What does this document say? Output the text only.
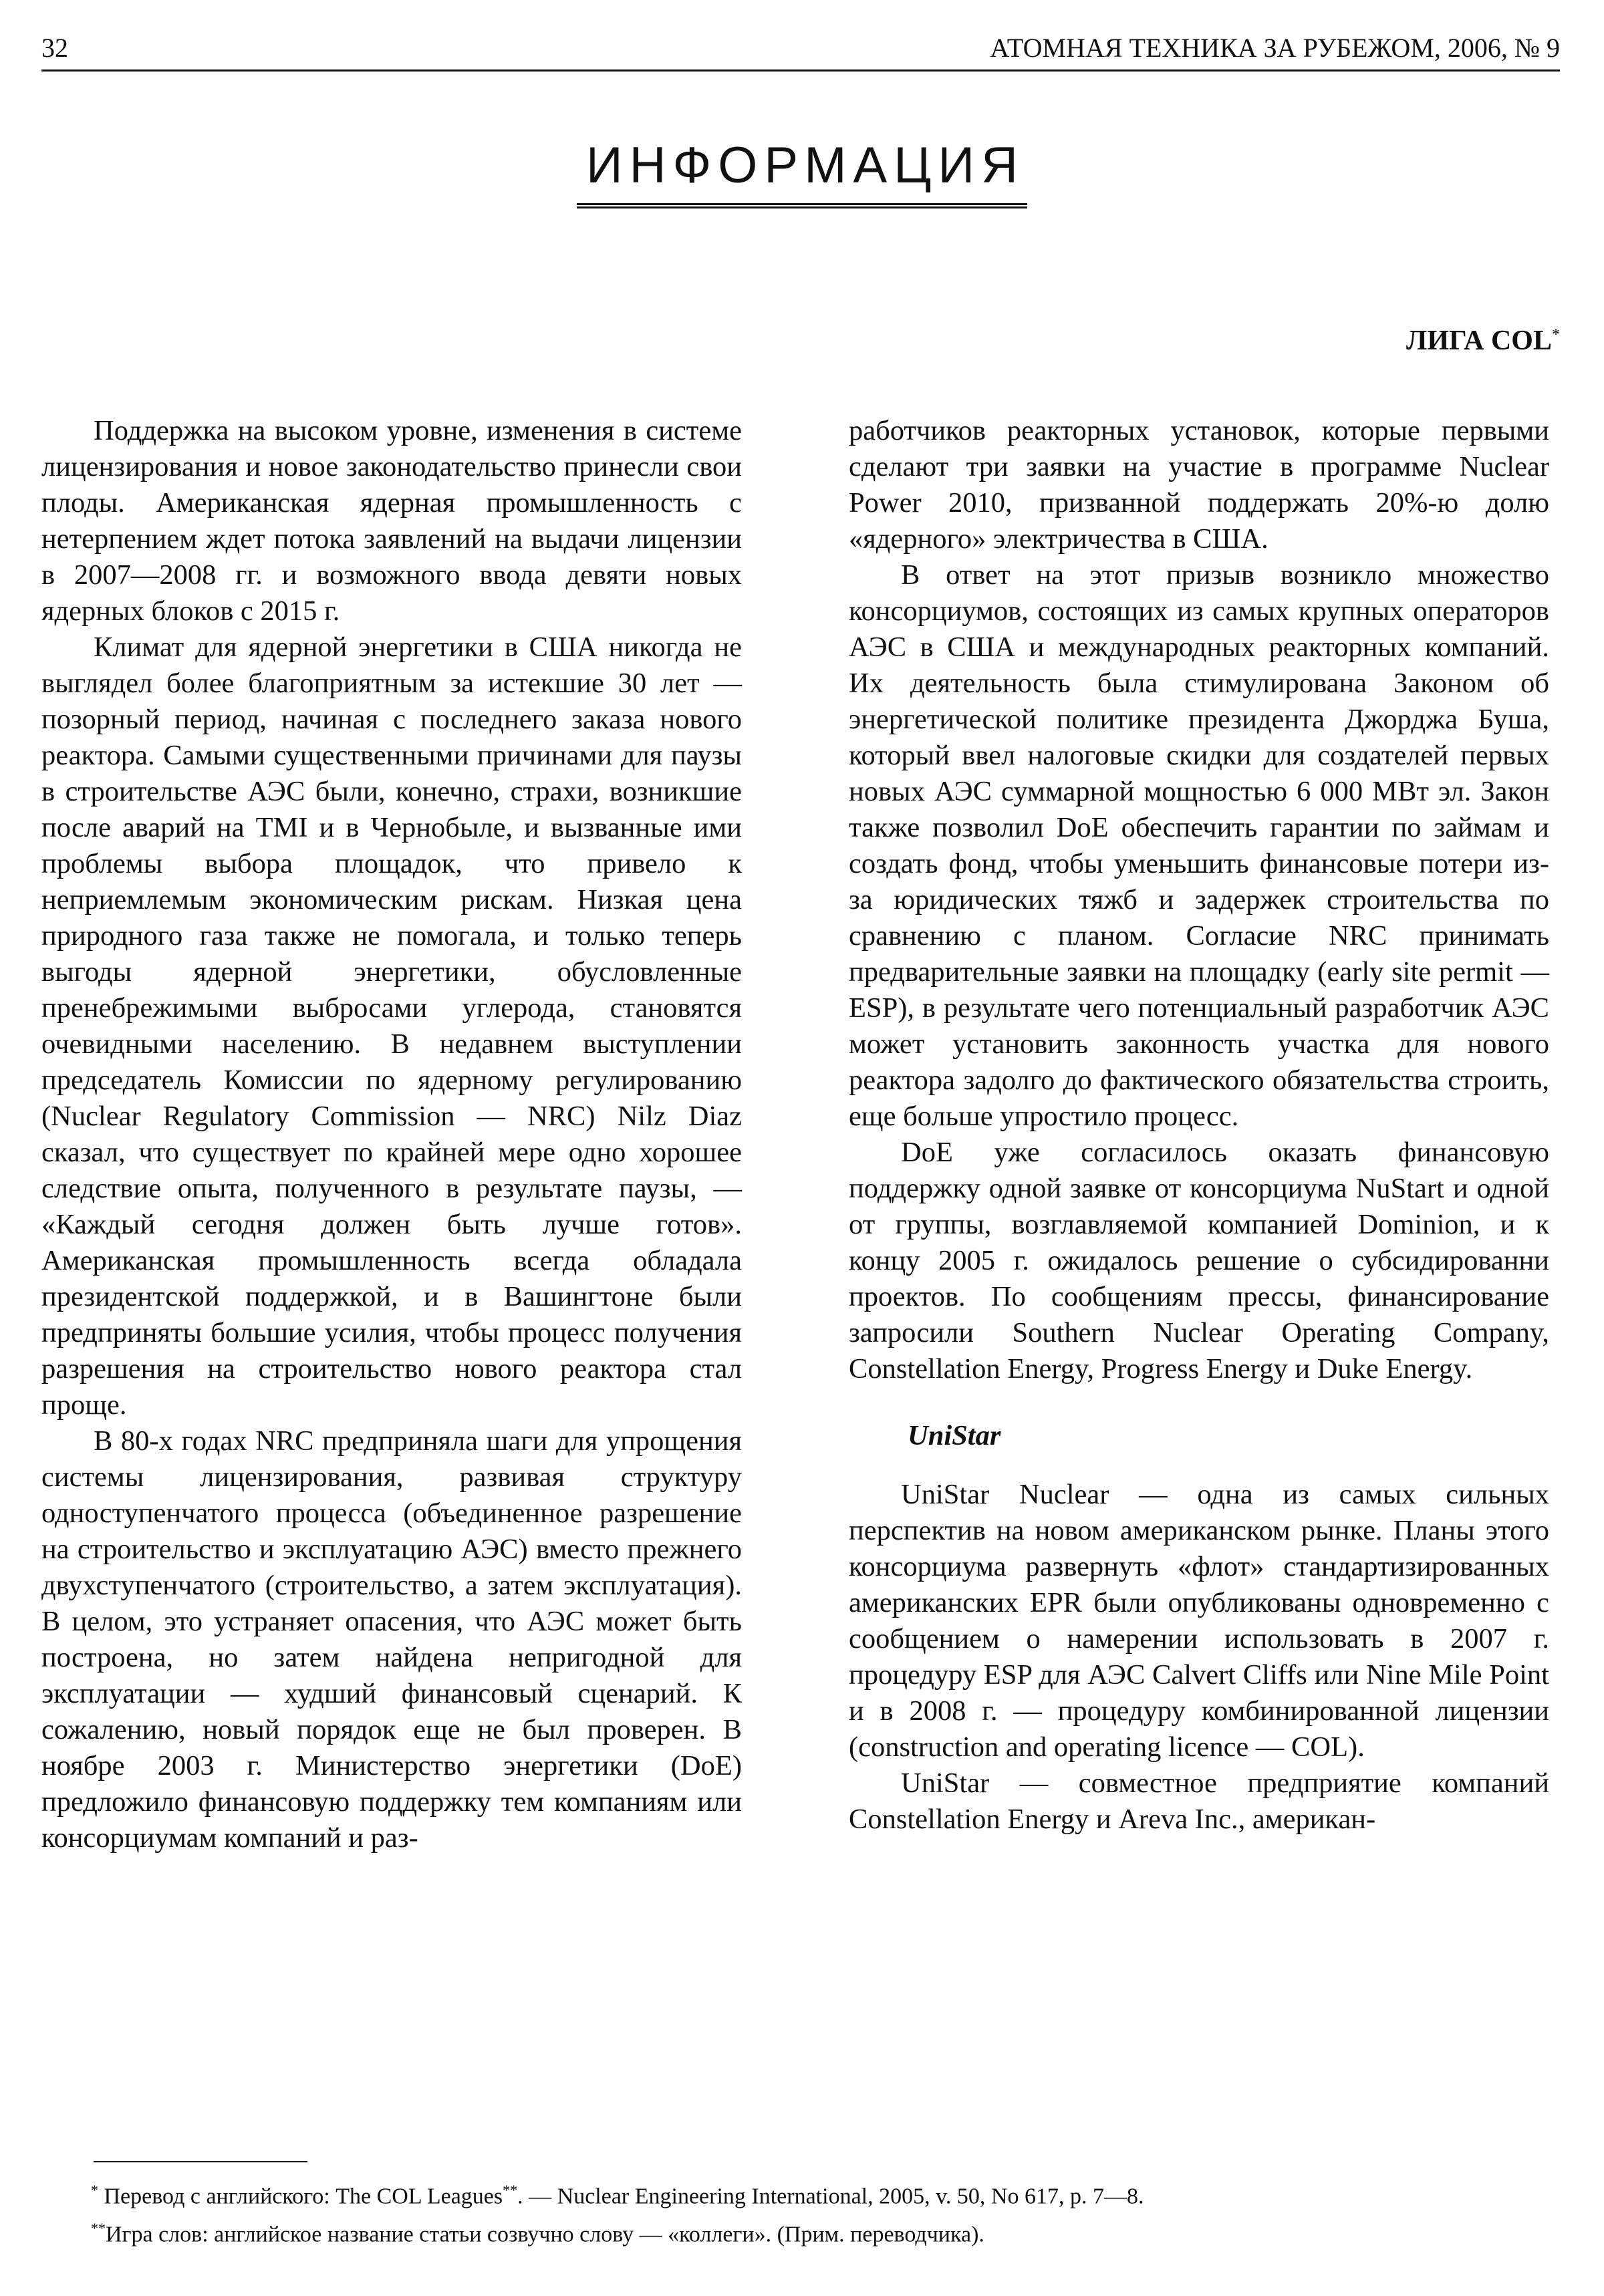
32	АТОМНАЯ ТЕХНИКА ЗА РУБЕЖОМ, 2006, № 9
ИНФОРМАЦИЯ
ЛИГА COL*

Поддержка на высоком уровне, изменения в системе лицензирования и новое законодательство принесли свои плоды. Американская ядерная промышленность с нетерпением ждет потока заявлений на выдачи лицензии в 2007—2008 гг. и возможного ввода девяти новых ядерных блоков с 2015 г.

Климат для ядерной энергетики в США никогда не выглядел более благоприятным за истекшие 30 лет — позорный период, начиная с последнего заказа нового реактора. Самыми существенными причинами для паузы в строительстве АЭС были, конечно, страхи, возникшие после аварий на TMI и в Чернобыле, и вызванные ими проблемы выбора площадок, что привело к неприемлемым экономическим рискам. Низкая цена природного газа также не помогала, и только теперь выгоды ядерной энергетики, обусловленные пренебрежимыми выбросами углерода, становятся очевидными населению. В недавнем выступлении председатель Комиссии по ядерному регулированию (Nuclear Regulatory Commission — NRC) Nilz Diaz сказал, что существует по крайней мере одно хорошее следствие опыта, полученного в результате паузы, — «Каждый сегодня должен быть лучше готов». Американская промышленность всегда обладала президентской поддержкой, и в Вашингтоне были предприняты большие усилия, чтобы процесс получения разрешения на строительство нового реактора стал проще.

В 80-х годах NRC предприняла шаги для упрощения системы лицензирования, развивая структуру одноступенчатого процесса (объединенное разрешение на строительство и эксплуатацию АЭС) вместо прежнего двухступенчатого (строительство, а затем эксплуатация). В целом, это устраняет опасения, что АЭС может быть построена, но затем найдена непригодной для эксплуатации — худший финансовый сценарий. К сожалению, новый порядок еще не был проверен. В ноябре 2003 г. Министерство энергетики (DoE) предложило финансовую поддержку тем компаниям или консорциумам компаний и раз-

работчиков реакторных установок, которые первыми сделают три заявки на участие в программе Nuclear Power 2010, призванной поддержать 20%-ю долю «ядерного» электричества в США.

В ответ на этот призыв возникло множество консорциумов, состоящих из самых крупных операторов АЭС в США и международных реакторных компаний. Их деятельность была стимулирована Законом об энергетической политике президента Джорджа Буша, который ввел налоговые скидки для создателей первых новых АЭС суммарной мощностью 6 000 МВт эл. Закон также позволил DoE обеспечить гарантии по займам и создать фонд, чтобы уменьшить финансовые потери из-за юридических тяжб и задержек строительства по сравнению с планом. Согласие NRC принимать предварительные заявки на площадку (early site permit — ESP), в результате чего потенциальный разработчик АЭС может установить законность участка для нового реактора задолго до фактического обязательства строить, еще больше упростило процесс.

DoE уже согласилось оказать финансовую поддержку одной заявке от консорциума NuStart и одной от группы, возглавляемой компанией Dominion, и к концу 2005 г. ожидалось решение о субсидированни проектов. По сообщениям прессы, финансирование запросили Southern Nuclear Operating Company, Constellation Energy, Progress Energy и Duke Energy.

UniStar

UniStar Nuclear — одна из самых сильных перспектив на новом американском рынке. Планы этого консорциума развернуть «флот» стандартизированных американских EPR были опубликованы одновременно с сообщением о намерении использовать в 2007 г. процедуру ESP для АЭС Calvert Cliffs или Nine Mile Point и в 2008 г. — процедуру комбинированной лицензии (construction and operating licence — COL).

UniStar — совместное предприятие компаний Constellation Energy и Areva Inc., американ-

* Перевод с английского: The COL Leagues**. — Nuclear Engineering International, 2005, v. 50, No 617, p. 7—8.

**Игра слов: английское название статьи созвучно слову — «коллеги». (Прим. переводчика).
